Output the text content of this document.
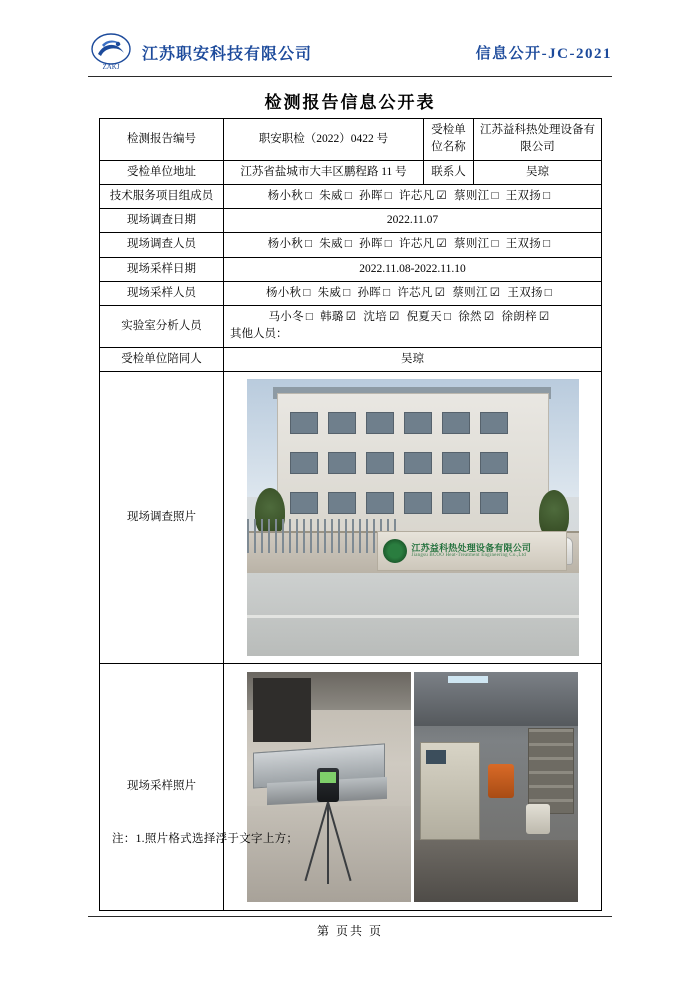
ZAKJ
江苏职安科技有限公司	信息公开-JC-2021
检测报告信息公开表
检测报告编号	职安职检（2022）0422 号	受检单位名称	江苏益科热处理设备有限公司
受检单位地址	江苏省盐城市大丰区鹏程路 11 号	联系人	吴琼
技术服务项目组成员	杨小秋 □ 朱威 □ 孙晖 □ 许芯凡 ☑ 蔡则江 □ 王双扬 □		
现场调查日期	2022.11.07		
现场调查人员	杨小秋 □ 朱威 □ 孙晖 □ 许芯凡 ☑ 蔡则江 □ 王双扬 □		
现场采样日期	2022.11.08-2022.11.10		
现场采样人员	杨小秋 □ 朱威 □ 孙晖 □ 许芯凡 ☑ 蔡则江 ☑ 王双扬 □		
实验室分析人员	马小冬 □ 韩璐 ☑ 沈培 ☑ 倪夏天 □ 徐然 ☑ 徐朗梓 ☑
其他人员：		

受检单位陪同人	吴琼		
现场调查照片	江苏益科热处理设备有限公司
Jiangsu BCOO Heat-Treatment Engineering Co.,Ltd		

现场采样照片			
注：1.照片格式选择浮于文字上方；
第 页共 页
